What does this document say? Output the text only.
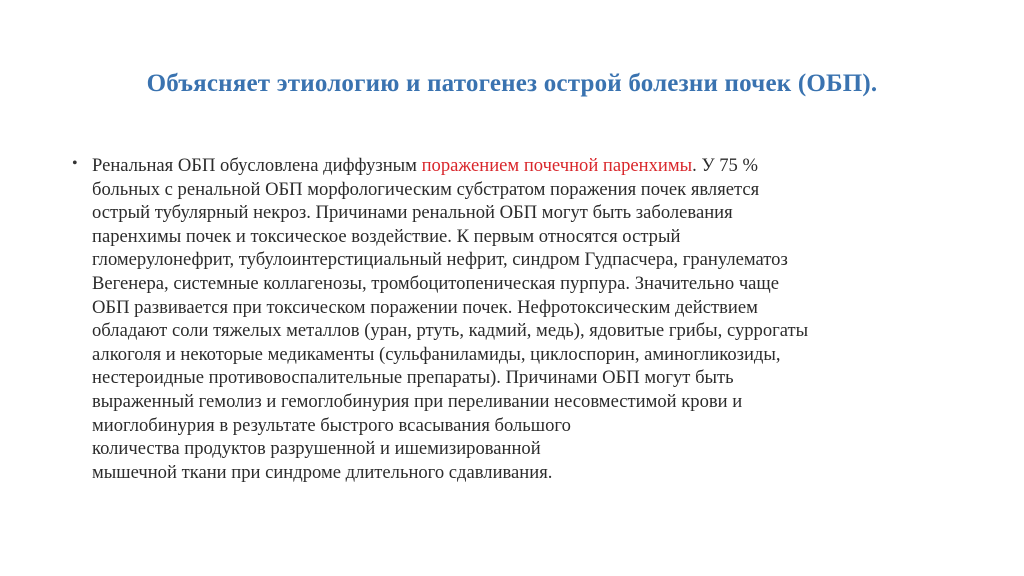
Объясняет этиологию и патогенез острой болезни почек (ОБП).
• Ренальная ОБП обусловлена диффузным поражением почечной паренхимы. У 75 %
больных с ренальной ОБП морфологическим субстратом поражения почек является
острый тубулярный некроз. Причинами ренальной ОБП могут быть заболевания
паренхимы почек и токсическое воздействие. К первым относятся острый
гломерулонефрит, тубулоинтерстициальный нефрит, синдром Гудпасчера, гранулематоз
Вегенера, системные коллагенозы, тромбоцитопеническая пурпура. Значительно чаще
ОБП развивается при токсическом поражении почек. Нефротоксическим действием
обладают соли тяжелых металлов (уран, ртуть, кадмий, медь), ядовитые грибы, суррогаты
алкоголя и некоторые медикаменты (сульфаниламиды, циклоспорин, аминогликозиды,
нестероидные противовоспалительные препараты). Причинами ОБП могут быть
выраженный гемолиз и гемоглобинурия при переливании несовместимой крови и
миоглобинурия в результате быстрого всасывания большого
количества продуктов разрушенной и ишемизированной
мышечной ткани при синдроме длительного сдавливания.
